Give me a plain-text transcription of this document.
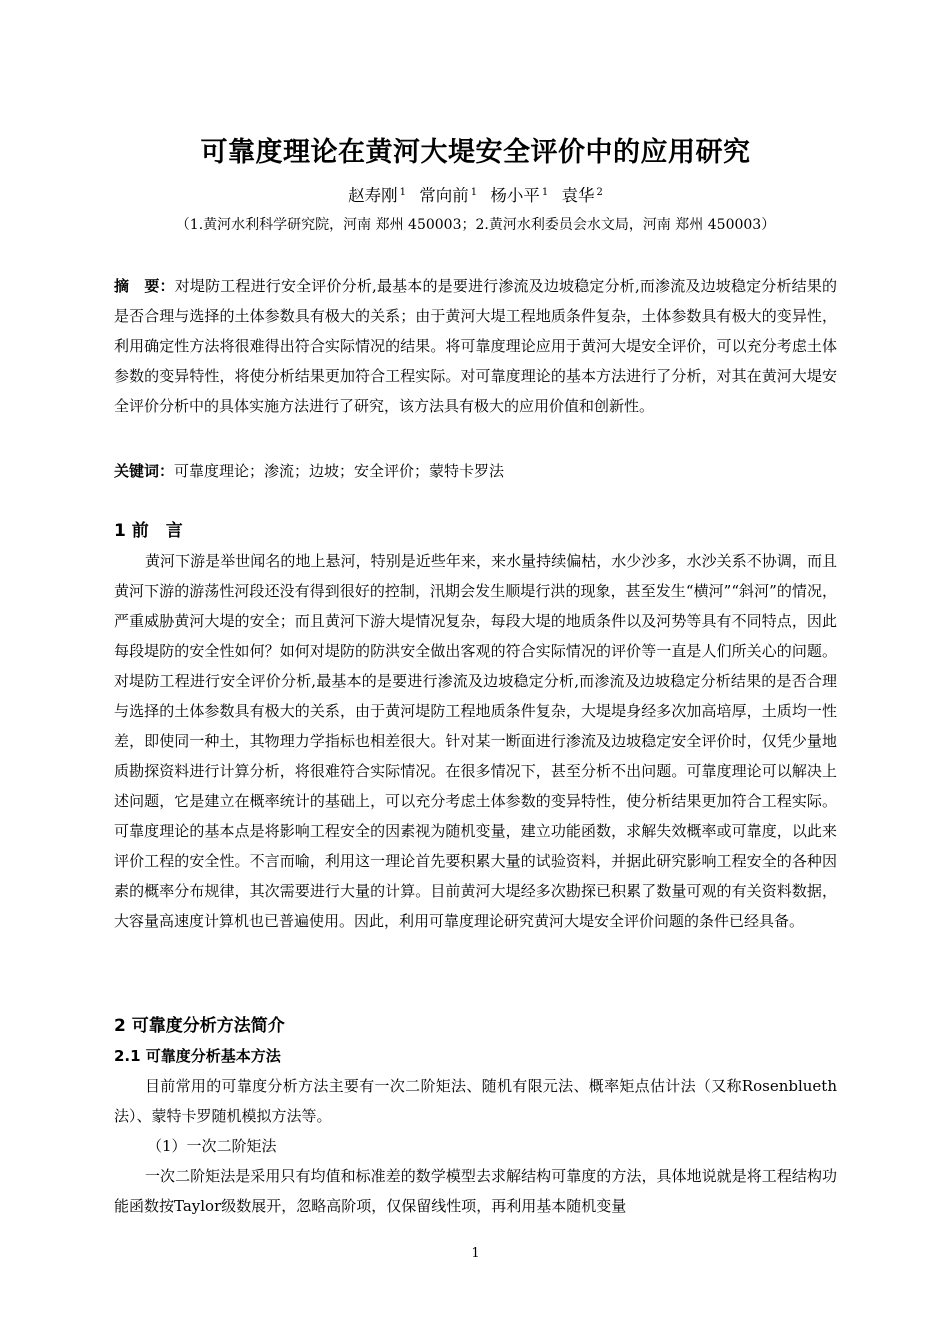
可靠度理论在黄河大堤安全评价中的应用研究
赵寿刚 $^1$ 常向前 $^1$ 杨小平 $^1$ 袁华 $^2$
（1.黄河水利科学研究院，河南 郑州 450003；2.黄河水利委员会水文局，河南 郑州 450003）
摘　要：对堤防工程进行安全评价分析,最基本的是要进行渗流及边坡稳定分析,而渗流及边坡稳定分析结果的是否合理与选择的土体参数具有极大的关系；由于黄河大堤工程地质条件复杂，土体参数具有极大的变异性，利用确定性方法将很难得出符合实际情况的结果。将可靠度理论应用于黄河大堤安全评价，可以充分考虑土体参数的变异特性，将使分析结果更加符合工程实际。对可靠度理论的基本方法进行了分析，对其在黄河大堤安全评价分析中的具体实施方法进行了研究，该方法具有极大的应用价值和创新性。
关键词：可靠度理论；渗流；边坡；安全评价；蒙特卡罗法
1 前　言
黄河下游是举世闻名的地上悬河，特别是近些年来，来水量持续偏枯，水少沙多，水沙关系不协调，而且黄河下游的游荡性河段还没有得到很好的控制，汛期会发生顺堤行洪的现象，甚至发生“横河”“斜河”的情况，严重威胁黄河大堤的安全；而且黄河下游大堤情况复杂，每段大堤的地质条件以及河势等具有不同特点，因此每段堤防的安全性如何？如何对堤防的防洪安全做出客观的符合实际情况的评价等一直是人们所关心的问题。对堤防工程进行安全评价分析,最基本的是要进行渗流及边坡稳定分析,而渗流及边坡稳定分析结果的是否合理与选择的土体参数具有极大的关系，由于黄河堤防工程地质条件复杂，大堤堤身经多次加高培厚，土质均一性差，即使同一种土，其物理力学指标也相差很大。针对某一断面进行渗流及边坡稳定安全评价时，仅凭少量地质勘探资料进行计算分析，将很难符合实际情况。在很多情况下，甚至分析不出问题。可靠度理论可以解决上述问题，它是建立在概率统计的基础上，可以充分考虑土体参数的变异特性，使分析结果更加符合工程实际。可靠度理论的基本点是将影响工程安全的因素视为随机变量，建立功能函数，求解失效概率或可靠度，以此来评价工程的安全性。不言而喻，利用这一理论首先要积累大量的试验资料，并据此研究影响工程安全的各种因素的概率分布规律，其次需要进行大量的计算。目前黄河大堤经多次勘探已积累了数量可观的有关资料数据，大容量高速度计算机也已普遍使用。因此，利用可靠度理论研究黄河大堤安全评价问题的条件已经具备。
2 可靠度分析方法简介
2.1 可靠度分析基本方法
目前常用的可靠度分析方法主要有一次二阶矩法、随机有限元法、概率矩点估计法（又称Rosenblueth法）、蒙特卡罗随机模拟方法等。
（1）一次二阶矩法
一次二阶矩法是采用只有均值和标准差的数学模型去求解结构可靠度的方法，具体地说就是将工程结构功能函数按Taylor级数展开，忽略高阶项，仅保留线性项，再利用基本随机变量
1
